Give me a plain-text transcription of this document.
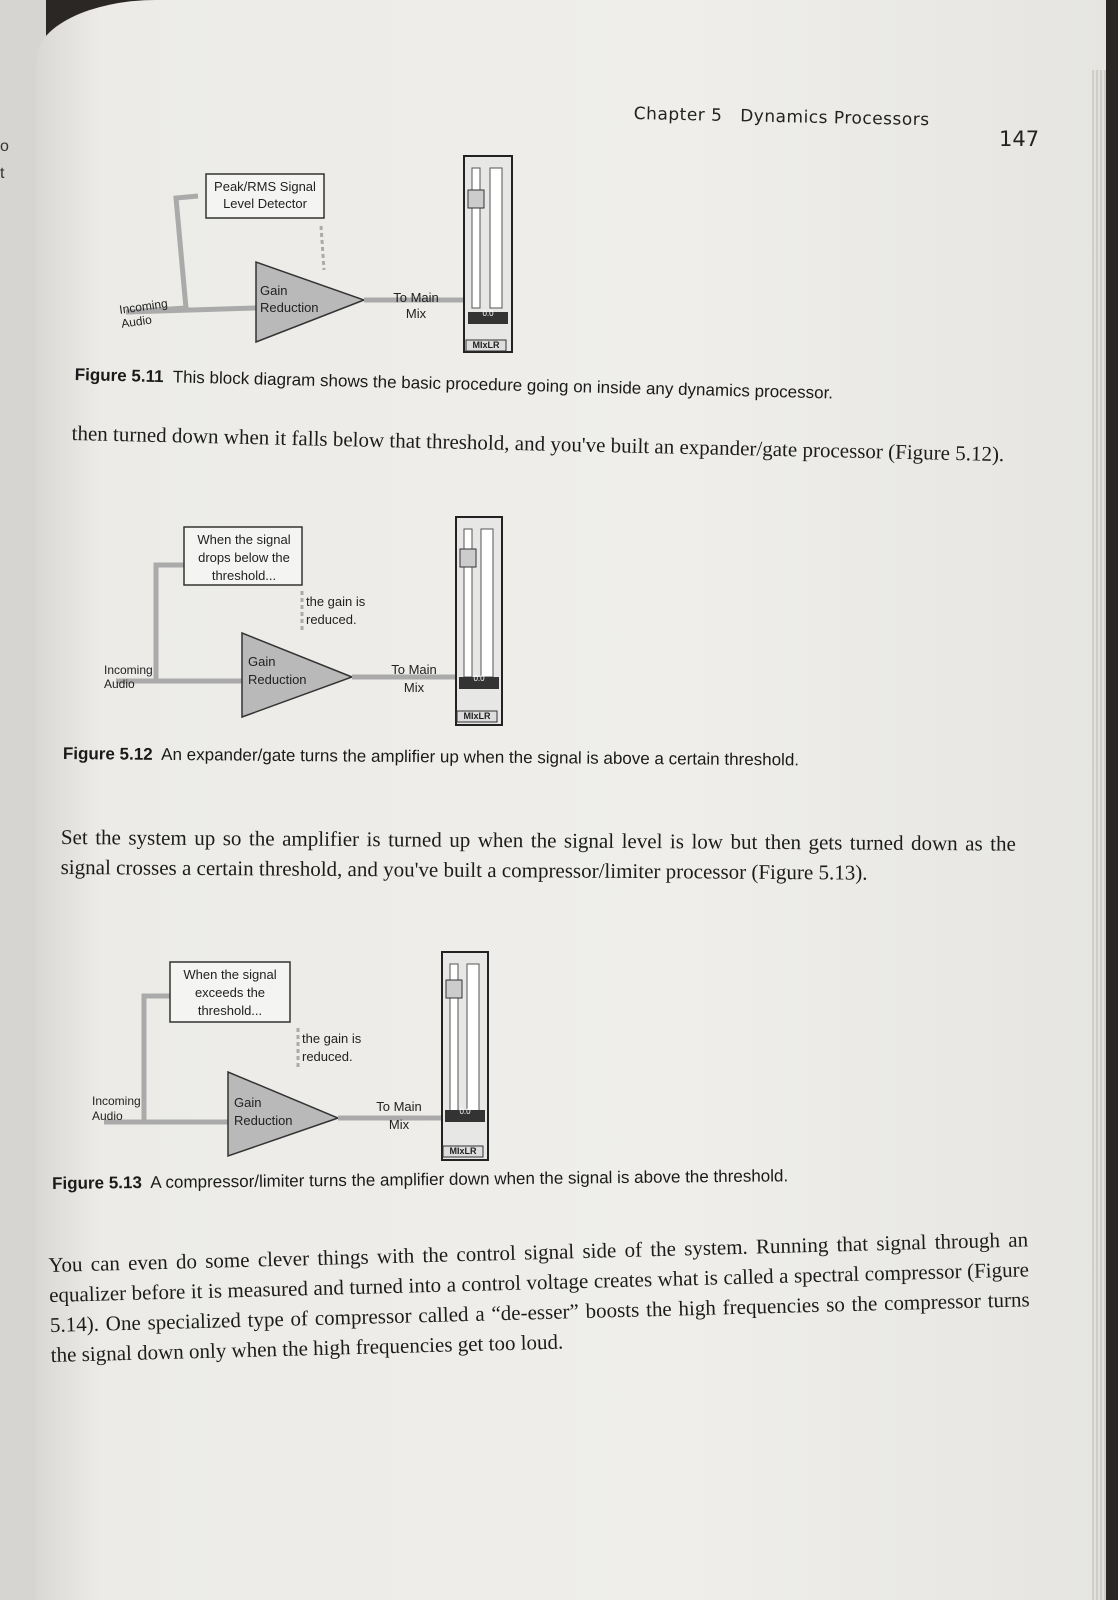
o
t
Chapter 5 Dynamics Processors
147
Peak/RMS Signal Level Detector
Gain Reduction
Incoming Audio
To Main Mix	0.0
MIxLR
Figure 5.11 This block diagram shows the basic procedure going on inside any dynamics processor.
then turned down when it falls below that threshold, and you've built an expander/gate processor (Figure 5.12).
When the signal drops below the threshold...
the gain is reduced.
Gain Reduction
Incoming Audio
To Main Mix
0.0
MIxLR
Figure 5.12 An expander/gate turns the amplifier up when the signal is above a certain threshold.
Set the system up so the amplifier is turned up when the signal level is low but then gets turned down as the signal crosses a certain threshold, and you've built a compressor/limiter processor (Figure 5.13).
When the signal exceeds the threshold...
the gain is reduced.
Gain Reduction
Incoming Audio
To Main Mix
0.0
MIxLR
Figure 5.13 A compressor/limiter turns the amplifier down when the signal is above the threshold.
You can even do some clever things with the control signal side of the system. Running that signal through an equalizer before it is measured and turned into a control voltage creates what is called a spectral compressor (Figure 5.14). One specialized type of compressor called a “de-esser” boosts the high frequencies so the compressor turns the signal down only when the high frequencies get too loud.
